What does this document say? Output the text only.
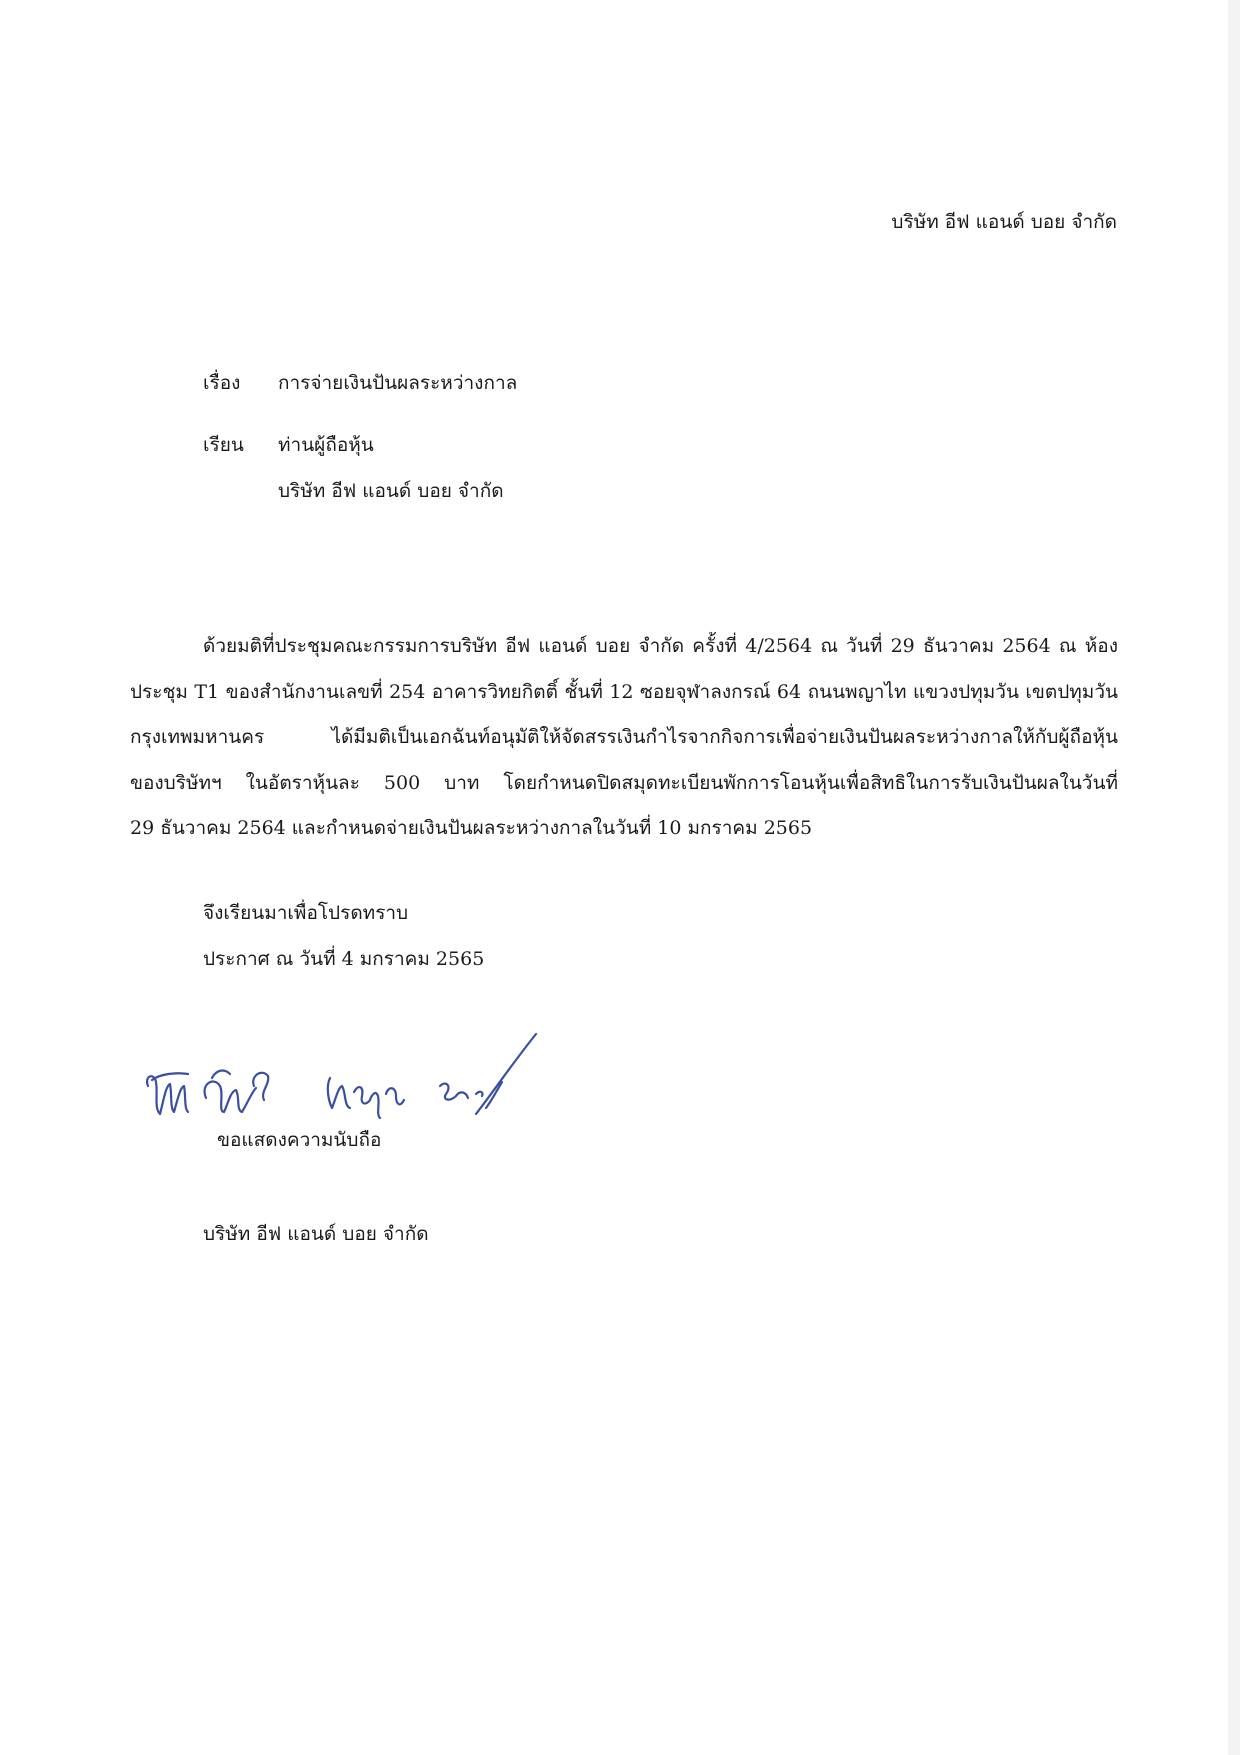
บริษัท อีฟ แอนด์ บอย จำกัด
เรื่อง การจ่ายเงินปันผลระหว่างกาล
เรียน ท่านผู้ถือหุ้น
บริษัท อีฟ แอนด์ บอย จำกัด
ด้วยมติที่ประชุมคณะกรรมการบริษัท อีฟ แอนด์ บอย จำกัด ครั้งที่ 4/2564 ณ วันที่ 29 ธันวาคม 2564 ณ ห้อง
ประชุม T1 ของสำนักงานเลขที่ 254 อาคารวิทยกิตติ์ ชั้นที่ 12 ซอยจุฬาลงกรณ์ 64 ถนนพญาไท แขวงปทุมวัน เขตปทุมวัน
กรุงเทพมหานคร ได้มีมติเป็นเอกฉันท์อนุมัติให้จัดสรรเงินกำไรจากกิจการเพื่อจ่ายเงินปันผลระหว่างกาลให้กับผู้ถือหุ้น
ของบริษัทฯ ในอัตราหุ้นละ 500 บาท โดยกำหนดปิดสมุดทะเบียนพักการโอนหุ้นเพื่อสิทธิในการรับเงินปันผลในวันที่
29 ธันวาคม 2564 และกำหนดจ่ายเงินปันผลระหว่างกาลในวันที่ 10 มกราคม 2565
จึงเรียนมาเพื่อโปรดทราบ
ประกาศ ณ วันที่ 4 มกราคม 2565
ขอแสดงความนับถือ
บริษัท อีฟ แอนด์ บอย จำกัด
